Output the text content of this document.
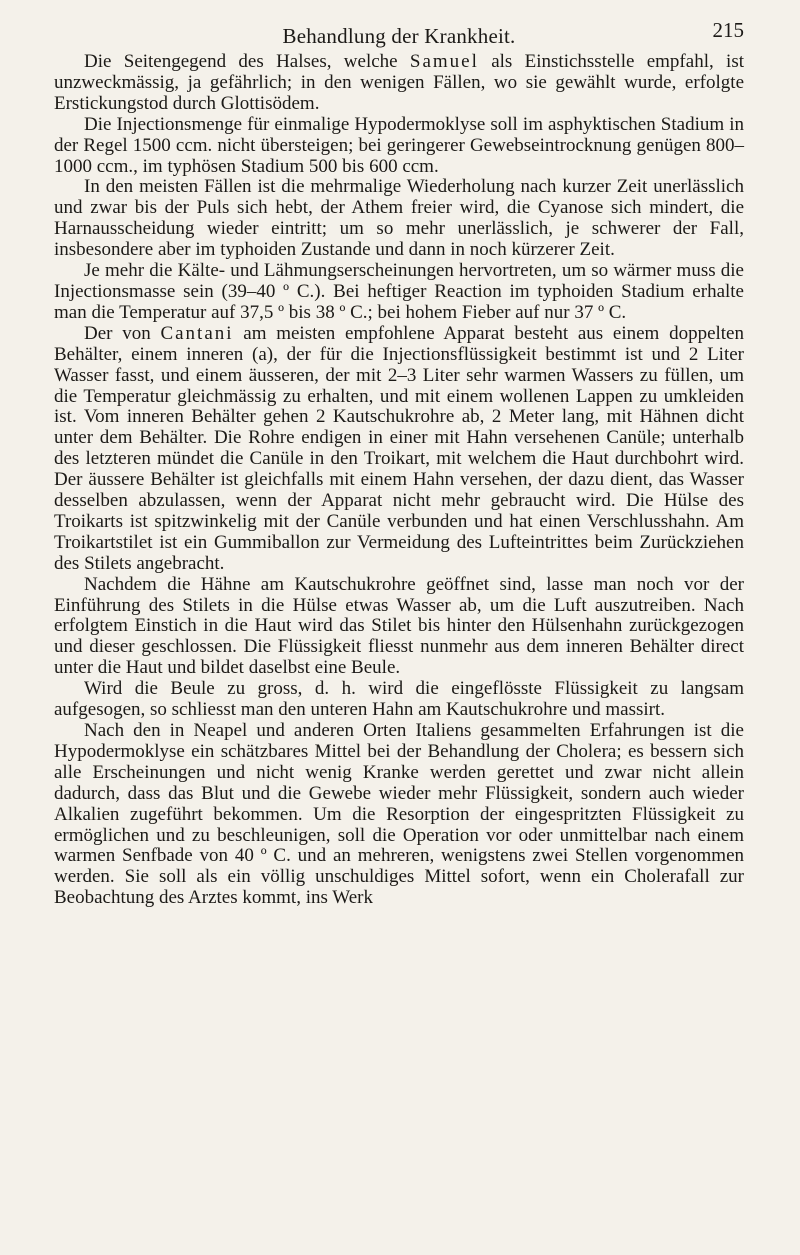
Behandlung der Krankheit.	215

Die Seitengegend des Halses, welche Samuel als Einstichsstelle empfahl, ist unzweckmässig, ja gefährlich; in den wenigen Fällen, wo sie gewählt wurde, erfolgte Erstickungstod durch Glottisödem.

Die Injectionsmenge für einmalige Hypodermoklyse soll im asphyktischen Stadium in der Regel 1500 ccm. nicht übersteigen; bei geringerer Gewebseintrocknung genügen 800–1000 ccm., im typhösen Stadium 500 bis 600 ccm.

In den meisten Fällen ist die mehrmalige Wiederholung nach kurzer Zeit unerlässlich und zwar bis der Puls sich hebt, der Athem freier wird, die Cyanose sich mindert, die Harnausscheidung wieder eintritt; um so mehr unerlässlich, je schwerer der Fall, insbesondere aber im typhoiden Zustande und dann in noch kürzerer Zeit.

Je mehr die Kälte- und Lähmungserscheinungen hervortreten, um so wärmer muss die Injectionsmasse sein (39–40 º C.). Bei heftiger Reaction im typhoiden Stadium erhalte man die Temperatur auf 37,5 º bis 38 º C.; bei hohem Fieber auf nur 37 º C.

Der von Cantani am meisten empfohlene Apparat besteht aus einem doppelten Behälter, einem inneren (a), der für die Injectionsflüssigkeit bestimmt ist und 2 Liter Wasser fasst, und einem äusseren, der mit 2–3 Liter sehr warmen Wassers zu füllen, um die Temperatur gleichmässig zu erhalten, und mit einem wollenen Lappen zu umkleiden ist. Vom inneren Behälter gehen 2 Kautschukrohre ab, 2 Meter lang, mit Hähnen dicht unter dem Behälter. Die Rohre endigen in einer mit Hahn versehenen Canüle; unterhalb des letzteren mündet die Canüle in den Troikart, mit welchem die Haut durchbohrt wird. Der äussere Behälter ist gleichfalls mit einem Hahn versehen, der dazu dient, das Wasser desselben abzulassen, wenn der Apparat nicht mehr gebraucht wird. Die Hülse des Troikarts ist spitzwinkelig mit der Canüle verbunden und hat einen Verschlusshahn. Am Troikartstilet ist ein Gummiballon zur Vermeidung des Lufteintrittes beim Zurückziehen des Stilets angebracht.

Nachdem die Hähne am Kautschukrohre geöffnet sind, lasse man noch vor der Einführung des Stilets in die Hülse etwas Wasser ab, um die Luft auszutreiben. Nach erfolgtem Einstich in die Haut wird das Stilet bis hinter den Hülsenhahn zurückgezogen und dieser geschlossen. Die Flüssigkeit fliesst nunmehr aus dem inneren Behälter direct unter die Haut und bildet daselbst eine Beule.

Wird die Beule zu gross, d. h. wird die eingeflösste Flüssigkeit zu langsam aufgesogen, so schliesst man den unteren Hahn am Kautschukrohre und massirt.

Nach den in Neapel und anderen Orten Italiens gesammelten Erfahrungen ist die Hypodermoklyse ein schätzbares Mittel bei der Behandlung der Cholera; es bessern sich alle Erscheinungen und nicht wenig Kranke werden gerettet und zwar nicht allein dadurch, dass das Blut und die Gewebe wieder mehr Flüssigkeit, sondern auch wieder Alkalien zugeführt bekommen. Um die Resorption der eingespritzten Flüssigkeit zu ermöglichen und zu beschleunigen, soll die Operation vor oder unmittelbar nach einem warmen Senfbade von 40 º C. und an mehreren, wenigstens zwei Stellen vorgenommen werden. Sie soll als ein völlig unschuldiges Mittel sofort, wenn ein Cholerafall zur Beobachtung des Arztes kommt, ins Werk
